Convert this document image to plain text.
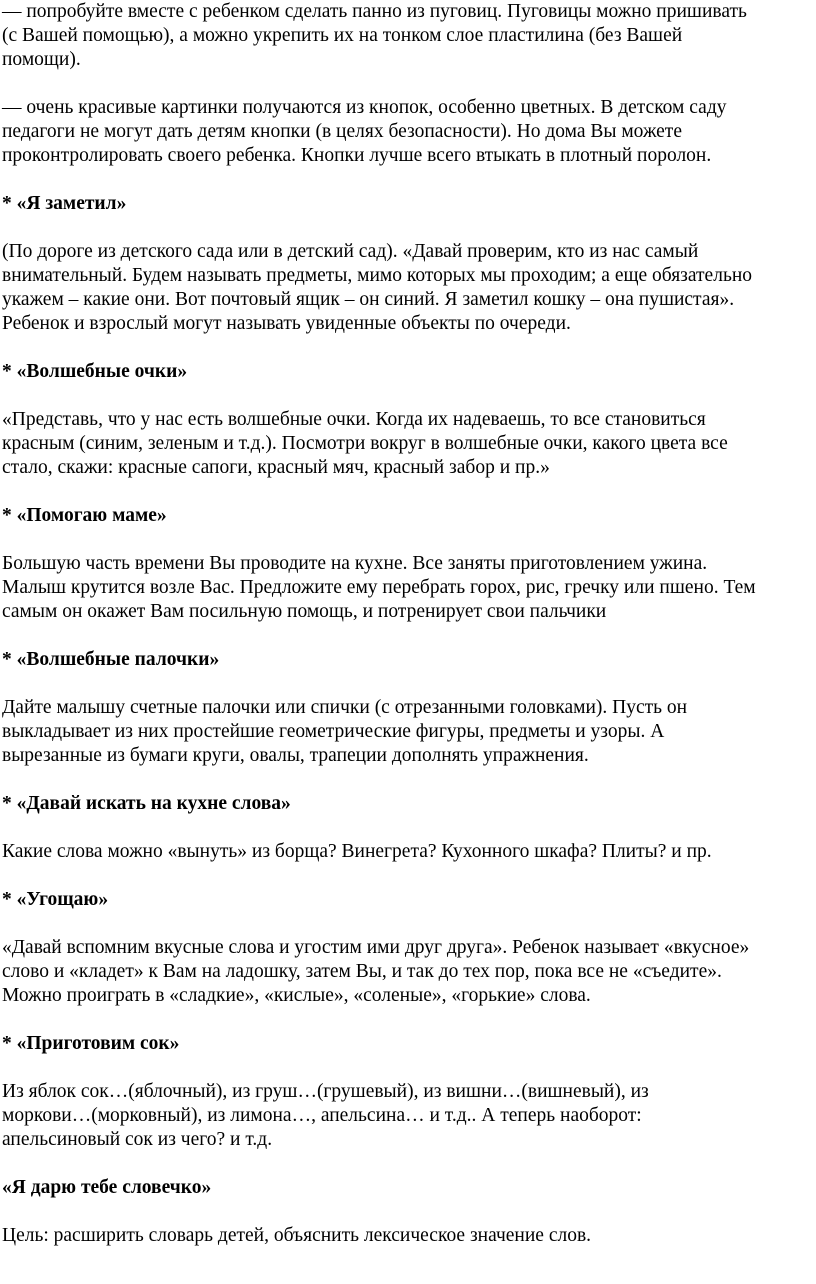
— попробуйте вместе с ребенком сделать панно из пуговиц. Пуговицы можно пришивать
(с Вашей помощью), а можно укрепить их на тонком слое пластилина (без Вашей
помощи).
— очень красивые картинки получаются из кнопок, особенно цветных. В детском саду
педагоги не могут дать детям кнопки (в целях безопасности). Но дома Вы можете
проконтролировать своего ребенка. Кнопки лучше всего втыкать в плотный поролон.
* «Я заметил»
(По дороге из детского сада или в детский сад). «Давай проверим, кто из нас самый
внимательный. Будем называть предметы, мимо которых мы проходим; а еще обязательно
укажем – какие они. Вот почтовый ящик – он синий. Я заметил кошку – она пушистая».
Ребенок и взрослый могут называть увиденные объекты по очереди.
* «Волшебные очки»
«Представь, что у нас есть волшебные очки. Когда их надеваешь, то все становиться
красным (синим, зеленым и т.д.). Посмотри вокруг в волшебные очки, какого цвета все
стало, скажи: красные сапоги, красный мяч, красный забор и пр.»
* «Помогаю маме»
Большую часть времени Вы проводите на кухне. Все заняты приготовлением ужина.
Малыш крутится возле Вас. Предложите ему перебрать горох, рис, гречку или пшено. Тем
самым он окажет Вам посильную помощь, и потренирует свои пальчики
* «Волшебные палочки»
Дайте малышу счетные палочки или спички (с отрезанными головками). Пусть он
выкладывает из них простейшие геометрические фигуры, предметы и узоры. А
вырезанные из бумаги круги, овалы, трапеции дополнять упражнения.
* «Давай искать на кухне слова»
Какие слова можно «вынуть» из борща? Винегрета? Кухонного шкафа? Плиты? и пр.
* «Угощаю»
«Давай вспомним вкусные слова и угостим ими друг друга». Ребенок называет «вкусное»
слово и «кладет» к Вам на ладошку, затем Вы, и так до тех пор, пока все не «съедите».
Можно проиграть в «сладкие», «кислые», «соленые», «горькие» слова.
* «Приготовим сок»
Из яблок сок…(яблочный), из груш…(грушевый), из вишни…(вишневый), из
моркови…(морковный), из лимона…, апельсина… и т.д.. А теперь наоборот:
апельсиновый сок из чего? и т.д.
«Я дарю тебе словечко»
Цель: расширить словарь детей, объяснить лексическое значение слов.
